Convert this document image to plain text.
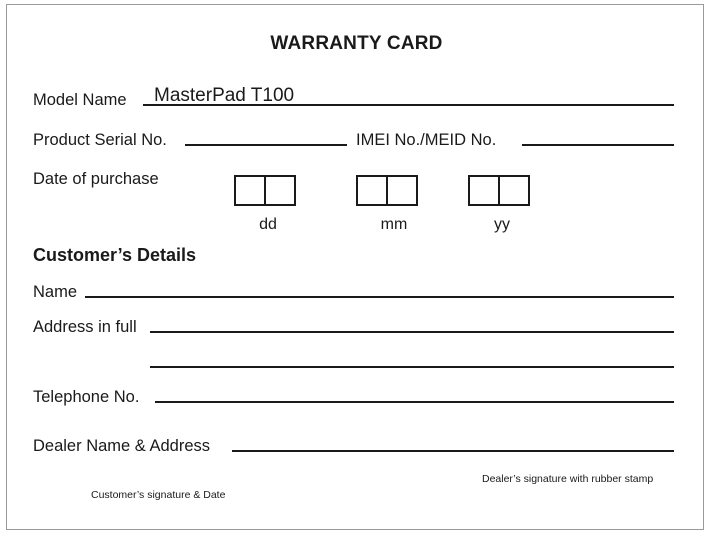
WARRANTY CARD
Model Name MasterPad T100
Product Serial No.	IMEI No./MEID No.
Date of purchase
dd	mm	yy
Customer’s Details
Name
Address in full
Telephone No.
Dealer Name & Address
Dealer’s signature with rubber stamp
Customer’s signature & Date
